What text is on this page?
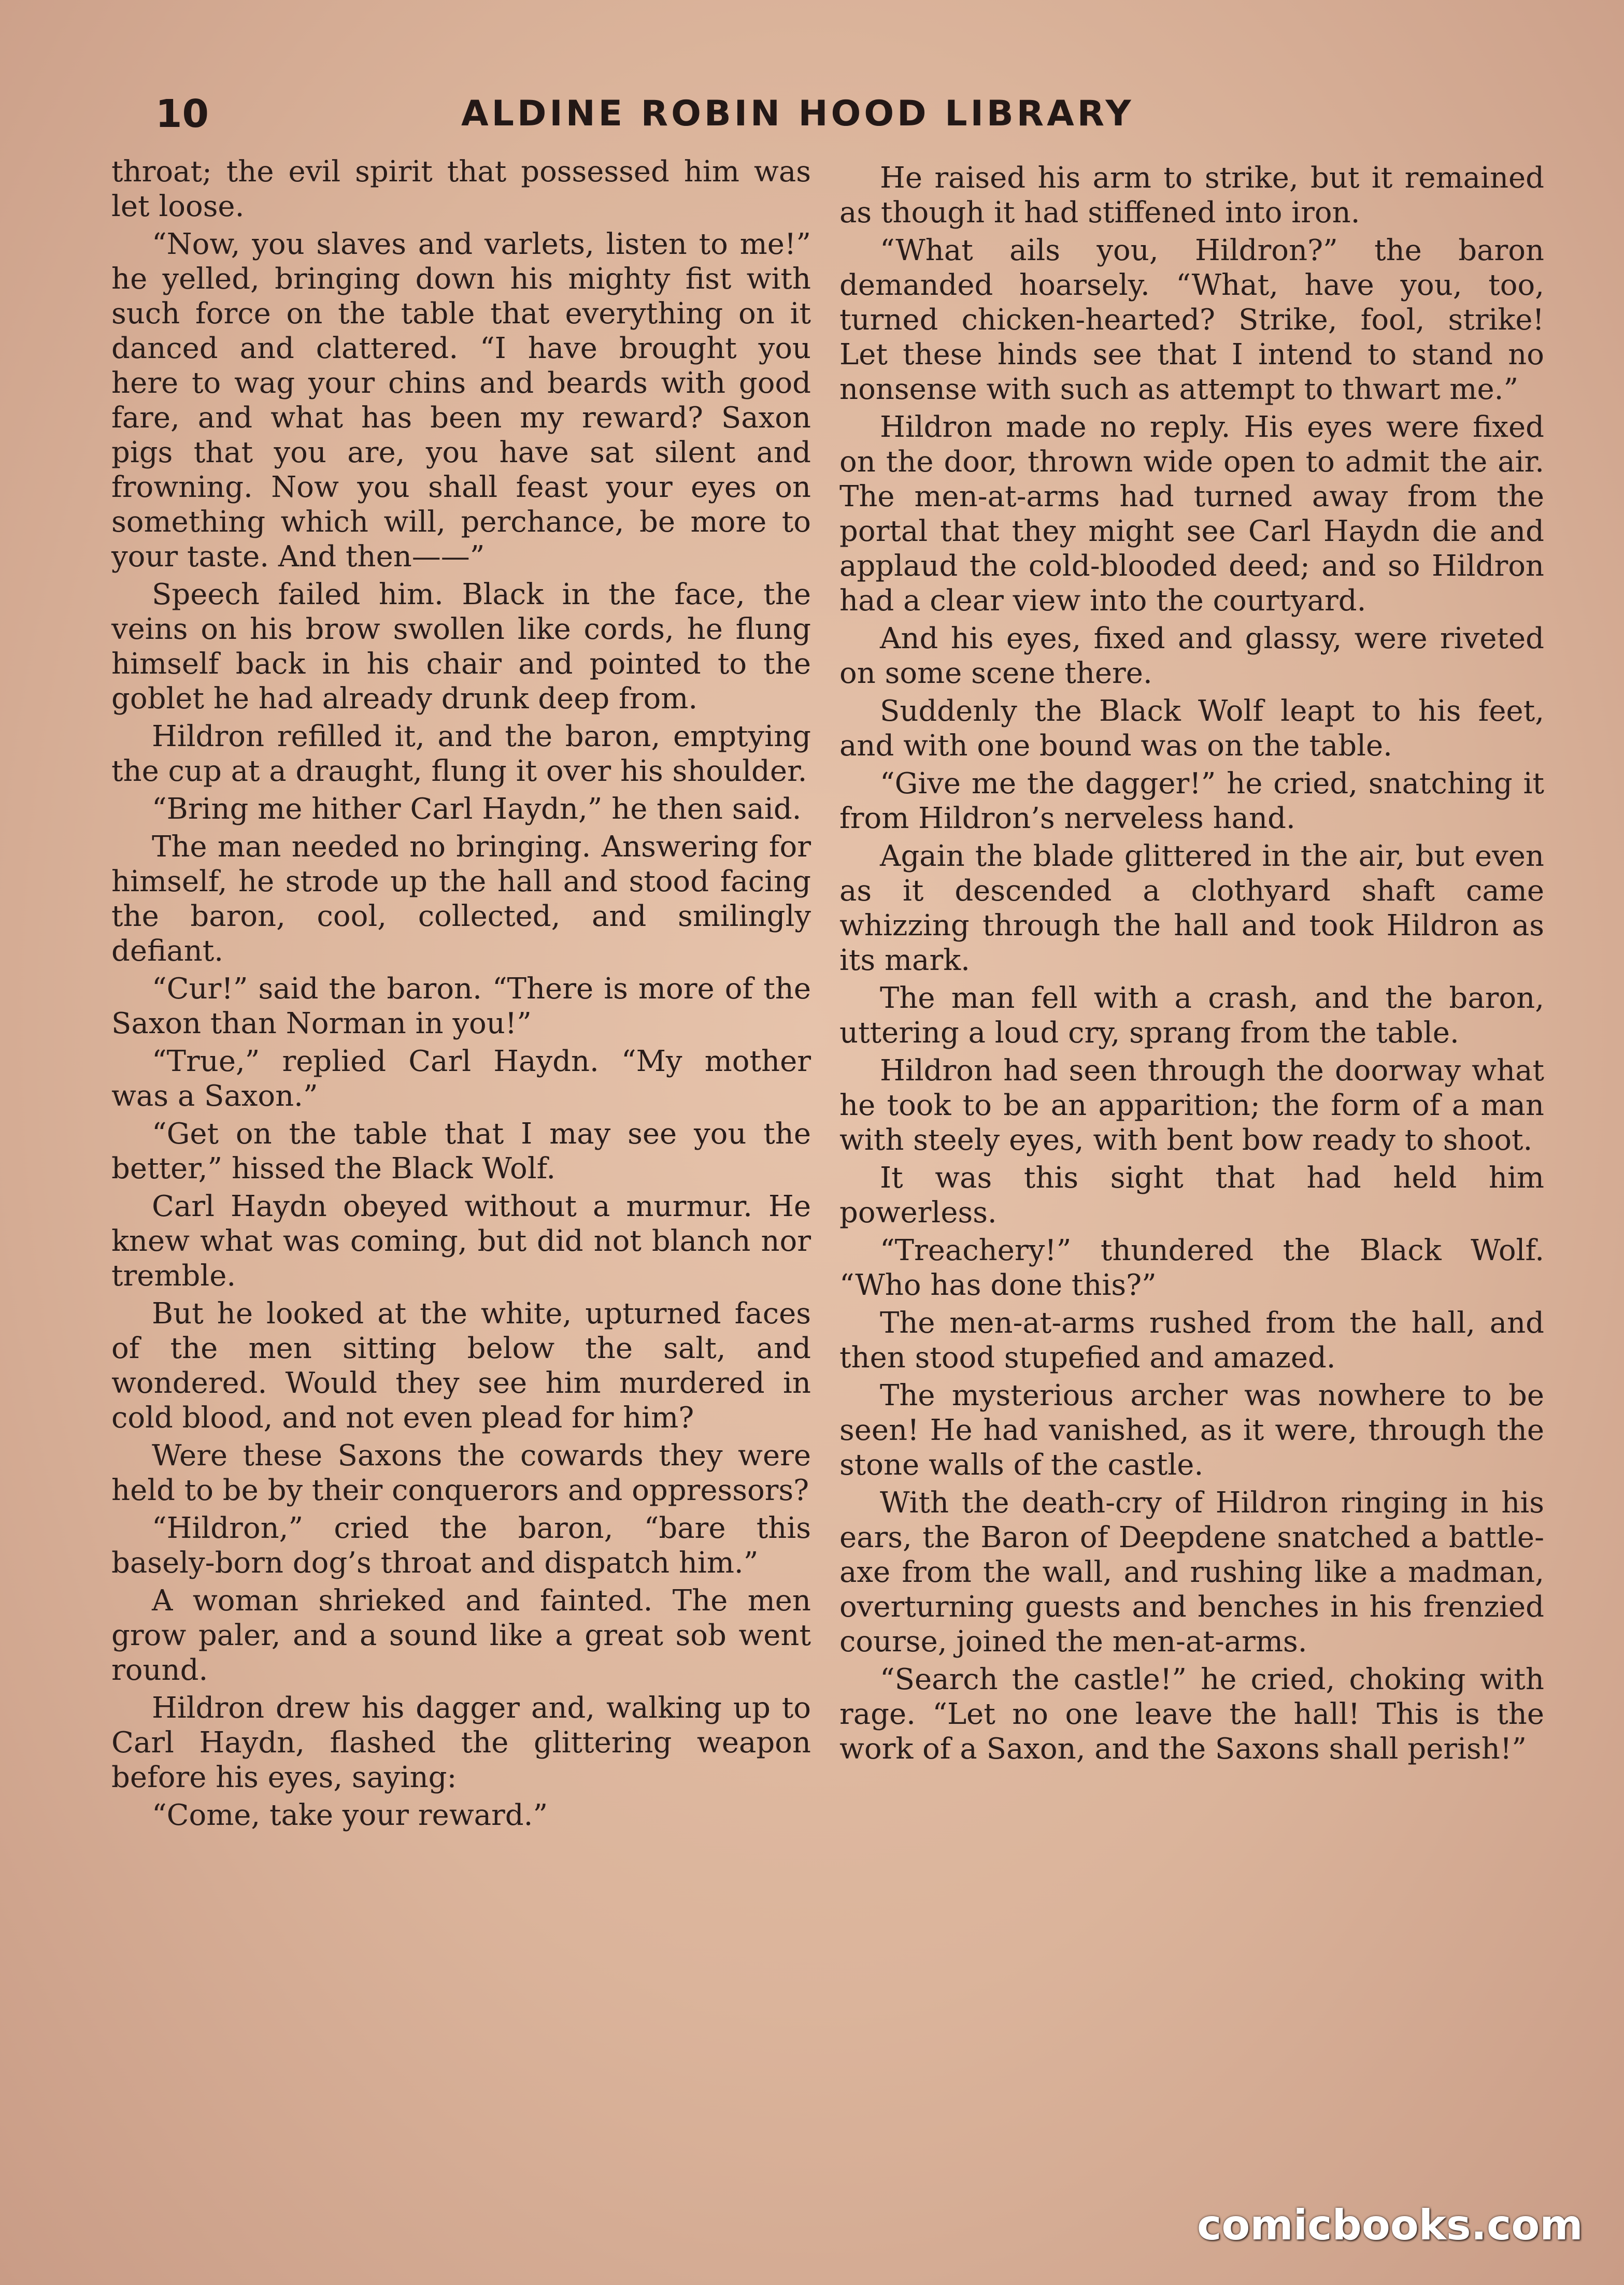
10	ALDINE ROBIN HOOD LIBRARY

throat; the evil spirit that possessed him was let loose.

“Now, you slaves and varlets, listen to me!” he yelled, bringing down his mighty fist with such force on the table that everything on it danced and clattered. “I have brought you here to wag your chins and beards with good fare, and what has been my reward? Saxon pigs that you are, you have sat silent and frowning. Now you shall feast your eyes on something which will, perchance, be more to your taste. And then——”

Speech failed him. Black in the face, the veins on his brow swollen like cords, he flung himself back in his chair and pointed to the goblet he had already drunk deep from.

Hildron refilled it, and the baron, emptying the cup at a draught, flung it over his shoulder.

“Bring me hither Carl Haydn,” he then said.

The man needed no bringing. Answering for himself, he strode up the hall and stood facing the baron, cool, collected, and smilingly defiant.

“Cur!” said the baron. “There is more of the Saxon than Norman in you!”

“True,” replied Carl Haydn. “My mother was a Saxon.”

“Get on the table that I may see you the better,” hissed the Black Wolf.

Carl Haydn obeyed without a murmur. He knew what was coming, but did not blanch nor tremble.

But he looked at the white, upturned faces of the men sitting below the salt, and wondered. Would they see him murdered in cold blood, and not even plead for him?

Were these Saxons the cowards they were held to be by their conquerors and oppressors?

“Hildron,” cried the baron, “bare this basely-born dog’s throat and dispatch him.”

A woman shrieked and fainted. The men grow paler, and a sound like a great sob went round.

Hildron drew his dagger and, walking up to Carl Haydn, flashed the glittering weapon before his eyes, saying:

“Come, take your reward.”

He raised his arm to strike, but it remained as though it had stiffened into iron.

“What ails you, Hildron?” the baron demanded hoarsely. “What, have you, too, turned chicken-hearted? Strike, fool, strike! Let these hinds see that I intend to stand no nonsense with such as attempt to thwart me.”

Hildron made no reply. His eyes were fixed on the door, thrown wide open to admit the air. The men-at-arms had turned away from the portal that they might see Carl Haydn die and applaud the cold-blooded deed; and so Hildron had a clear view into the courtyard.

And his eyes, fixed and glassy, were riveted on some scene there.

Suddenly the Black Wolf leapt to his feet, and with one bound was on the table.

“Give me the dagger!” he cried, snatching it from Hildron’s nerveless hand.

Again the blade glittered in the air, but even as it descended a clothyard shaft came whizzing through the hall and took Hildron as its mark.

The man fell with a crash, and the baron, uttering a loud cry, sprang from the table.

Hildron had seen through the doorway what he took to be an apparition; the form of a man with steely eyes, with bent bow ready to shoot.

It was this sight that had held him powerless.

“Treachery!” thundered the Black Wolf. “Who has done this?”

The men-at-arms rushed from the hall, and then stood stupefied and amazed.

The mysterious archer was nowhere to be seen! He had vanished, as it were, through the stone walls of the castle.

With the death-cry of Hildron ringing in his ears, the Baron of Deepdene snatched a battle-axe from the wall, and rushing like a madman, overturning guests and benches in his frenzied course, joined the men-at-arms.

“Search the castle!” he cried, choking with rage. “Let no one leave the hall! This is the work of a Saxon, and the Saxons shall perish!”

comicbooks.com
